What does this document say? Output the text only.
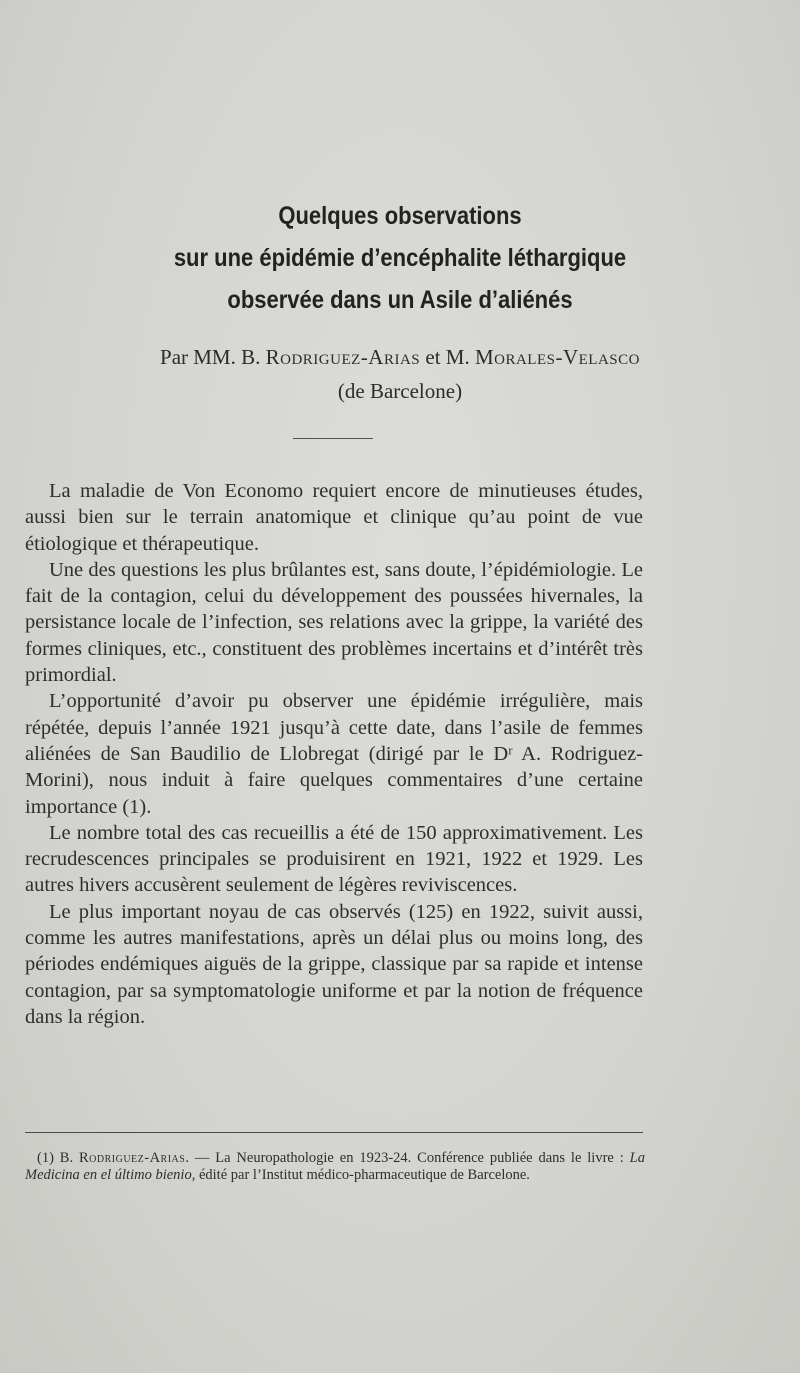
Quelques observations
sur une épidémie d’encéphalite léthargique
observée dans un Asile d’aliénés
Par MM. B. Rodriguez-Arias et M. Morales-Velasco
(de Barcelone)

La maladie de Von Economo requiert encore de minutieuses études, aussi bien sur le terrain anatomique et clinique qu’au point de vue étiologique et thérapeutique.

Une des questions les plus brûlantes est, sans doute, l’épidémiologie. Le fait de la contagion, celui du développement des poussées hivernales, la persistance locale de l’infection, ses relations avec la grippe, la variété des formes cliniques, etc., constituent des problèmes incertains et d’intérêt très primordial.

L’opportunité d’avoir pu observer une épidémie irrégulière, mais répétée, depuis l’année 1921 jusqu’à cette date, dans l’asile de femmes aliénées de San Baudilio de Llobregat (dirigé par le Dʳ A. Rodriguez-Morini), nous induit à faire quelques commentaires d’une certaine importance (1).

Le nombre total des cas recueillis a été de 150 approximativement. Les recrudescences principales se produisirent en 1921, 1922 et 1929. Les autres hivers accusèrent seulement de légères reviviscences.

Le plus important noyau de cas observés (125) en 1922, suivit aussi, comme les autres manifestations, après un délai plus ou moins long, des périodes endémiques aiguës de la grippe, classique par sa rapide et intense contagion, par sa symptomatologie uniforme et par la notion de fréquence dans la région.

(1) B. Rodriguez-Arias. — La Neuropathologie en 1923-24. Conférence publiée dans le livre : La Medicina en el último bienio, édité par l’Institut médico-pharmaceutique de Barcelone.
